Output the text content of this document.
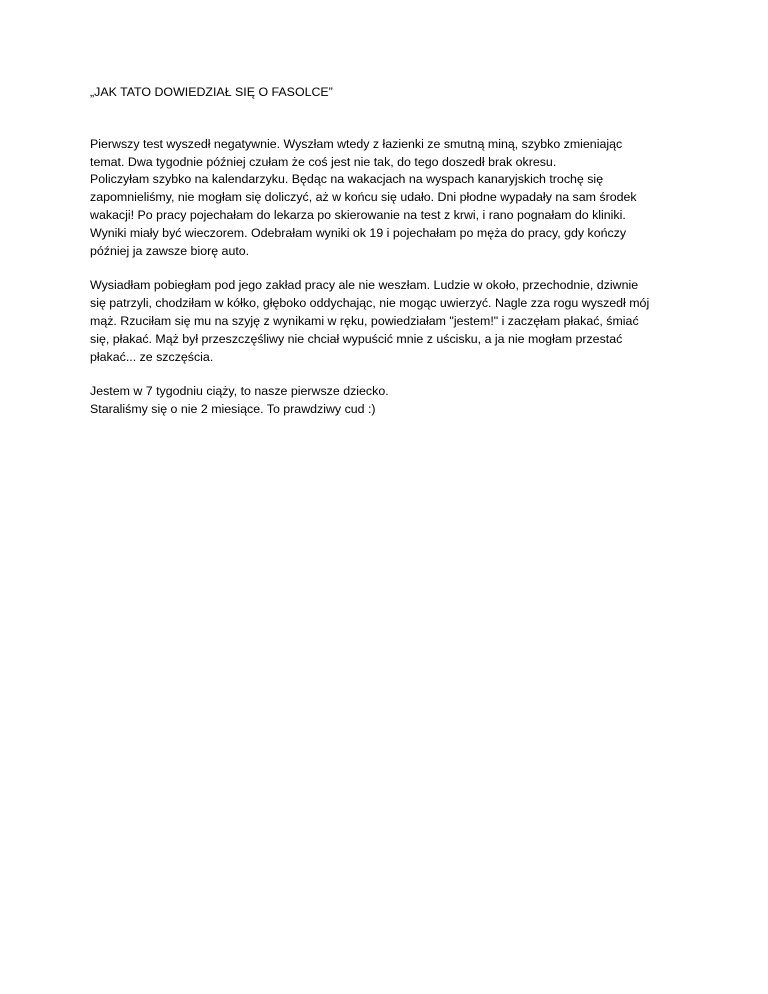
„JAK TATO DOWIEDZIAŁ SIĘ O FASOLCE”

Pierwszy test wyszedł negatywnie. Wyszłam wtedy z łazienki ze smutną miną, szybko zmieniając
temat. Dwa tygodnie później czułam że coś jest nie tak, do tego doszedł brak okresu.
Policzyłam szybko na kalendarzyku. Będąc na wakacjach na wyspach kanaryjskich trochę się
zapomnieliśmy, nie mogłam się doliczyć, aż w końcu się udało. Dni płodne wypadały na sam środek
wakacji! Po pracy pojechałam do lekarza po skierowanie na test z krwi, i rano pognałam do kliniki.
Wyniki miały być wieczorem. Odebrałam wyniki ok 19 i pojechałam po męża do pracy, gdy kończy
później ja zawsze biorę auto.

Wysiadłam pobiegłam pod jego zakład pracy ale nie weszłam. Ludzie w około, przechodnie, dziwnie
się patrzyli, chodziłam w kółko, głęboko oddychając, nie mogąc uwierzyć. Nagle zza rogu wyszedł mój
mąż. Rzuciłam się mu na szyję z wynikami w ręku, powiedziałam "jestem!" i zaczęłam płakać, śmiać
się, płakać. Mąż był przeszczęśliwy nie chciał wypuścić mnie z uścisku, a ja nie mogłam przestać
płakać... ze szczęścia.

Jestem w 7 tygodniu ciąży, to nasze pierwsze dziecko.
Staraliśmy się o nie 2 miesiące. To prawdziwy cud :)
